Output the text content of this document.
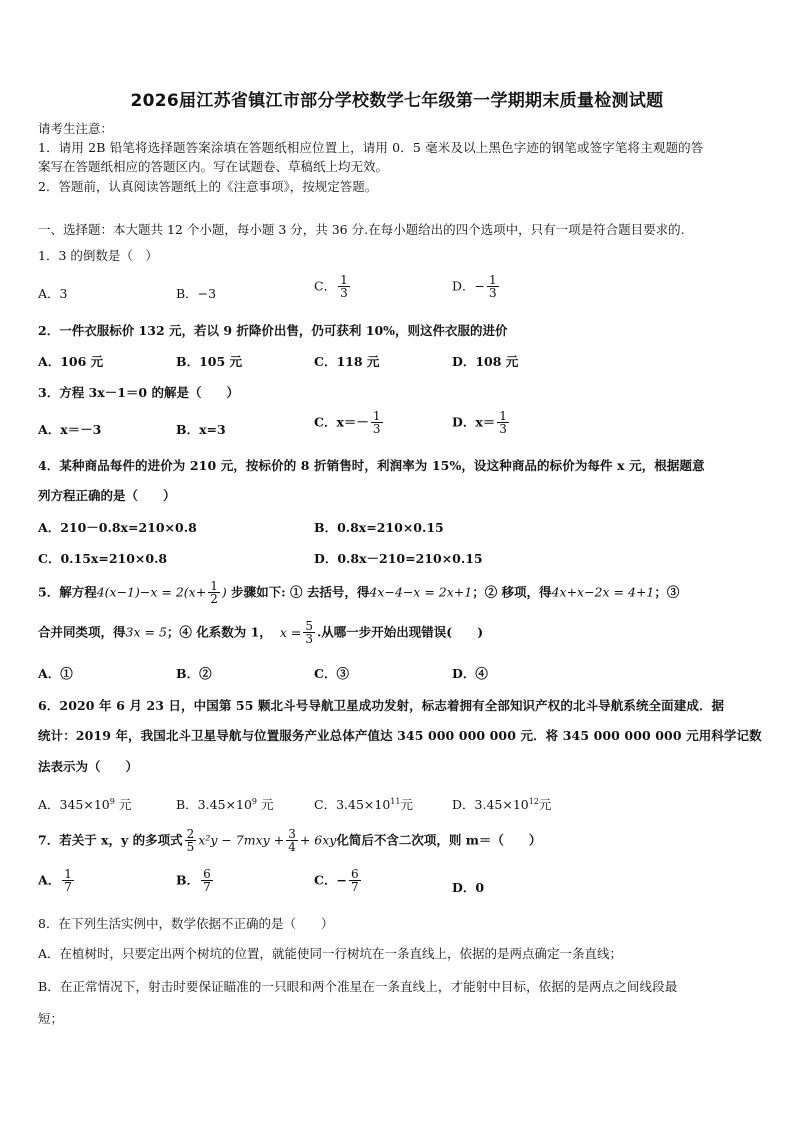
2026届江苏省镇江市部分学校数学七年级第一学期期末质量检测试题
请考生注意：
1．请用 2B 铅笔将选择题答案涂填在答题纸相应位置上，请用 0．5 毫米及以上黑色字迹的钢笔或签字笔将主观题的答
案写在答题纸相应的答题区内。写在试题卷、草稿纸上均无效。
2．答题前，认真阅读答题纸上的《注意事项》，按规定答题。
一、选择题：本大题共 12 个小题，每小题 3 分，共 36 分.在每小题给出的四个选项中，只有一项是符合题目要求的.
1．3 的倒数是（　）
A．3	B．−3	C． $\frac{1}{3}$	D．− $\frac{1}{3}$
2．一件衣服标价 132 元，若以 9 折降价出售，仍可获利 10%，则这件衣服的进价
A．106 元	B．105 元	C．118 元	D．108 元
3．方程 3x－1＝0 的解是（　　）
A．x＝－3	B．x=3	C．$x=- \frac{1}{3}$	D．$x= \frac{1}{3}$
4．某种商品每件的进价为 210 元，按标价的 8 折销售时，利润率为 15%，设这种商品的标价为每件 x 元，根据题意
列方程正确的是（　　）
A．210－0.8x=210×0.8	B．0.8x=210×0.15
C．0.15x=210×0.8	D．0.8x－210=210×0.15
5．解方程$4(x-1)-x = 2(x+ \frac{1}{2}$ ) 步骤如下: ① 去括号，得4x−4−x = 2x+1；② 移项，得4x+x−2x = 4+1；③
合并同类项，得3x = 5；④ 化系数为 1， $x = \frac{5}{3}$ .从哪一步开始出现错误(　　)
A．①	B．②	C．③	D．④
6．2020 年 6 月 23 日，中国第 55 颗北斗号导航卫星成功发射，标志着拥有全部知识产权的北斗导航系统全面建成．据
统计：2019 年，我国北斗卫星导航与位置服务产业总体产值达 345 000 000 000 元．将 345 000 000 000 元用科学记数
法表示为（　　）
A．$345\times 10^9$ 元	B．$3.45\times 10^9$ 元	C．$3.45\times 10^{11}$元	D．$3.45\times 10^{12}$元
7．若关于 x，y 的多项式 $\frac{2}{5} x^2y - 7mxy + \frac{3}{4} + 6xy$化简后不含二次项，则 m＝（　　）
A． $\frac{1}{7}$	B． $\frac{6}{7}$	C．− $\frac{6}{7}$	D．0
8．在下列生活实例中，数学依据不正确的是（　　）
A．在植树时，只要定出两个树坑的位置，就能使同一行树坑在一条直线上，依据的是两点确定一条直线；
B．在正常情况下，射击时要保证瞄准的一只眼和两个准星在一条直线上，才能射中目标，依据的是两点之间线段最
短；
